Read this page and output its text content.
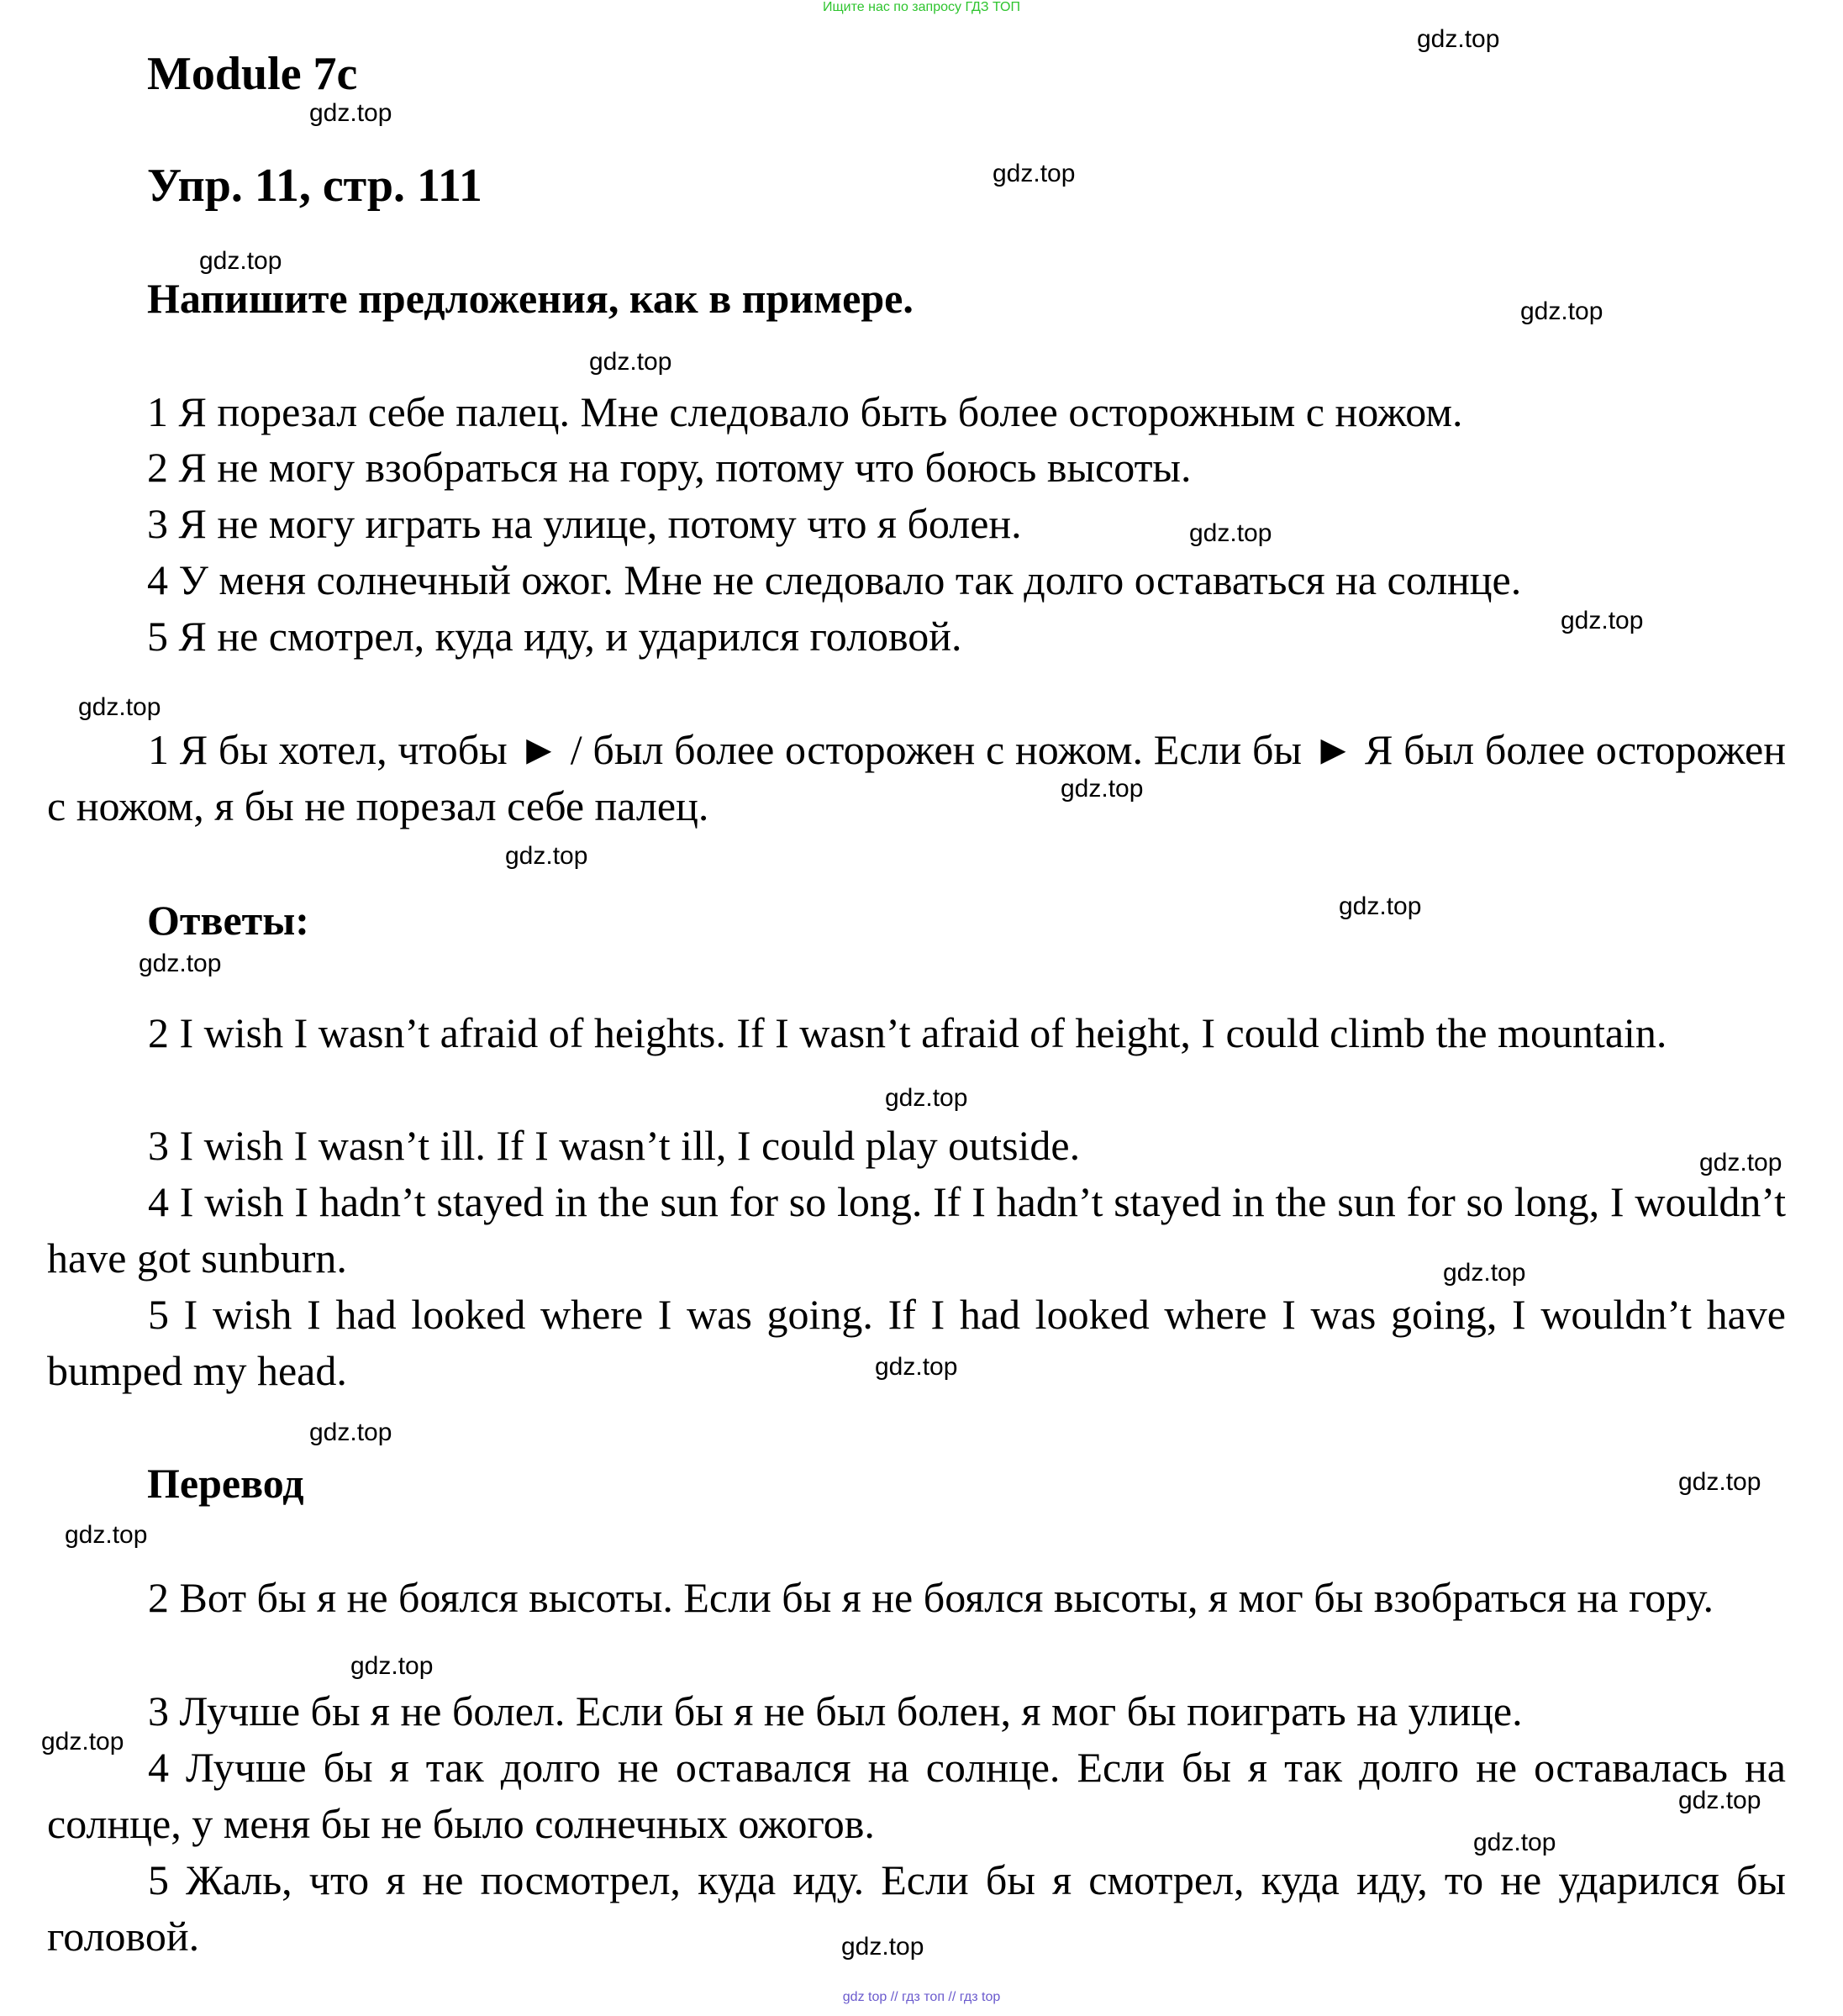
Ищите нас по запросу ГДЗ ТОП
Module 7c
Упр. 11, стр. 111
Напишите предложения, как в примере.
1 Я порезал себе палец. Мне следовало быть более осторожным с ножом.
2 Я не могу взобраться на гору, потому что боюсь высоты.
3 Я не могу играть на улице, потому что я болен.
4 У меня солнечный ожог. Мне не следовало так долго оставаться на солнце.
5 Я не смотрел, куда иду, и ударился головой.
1 Я бы хотел, чтобы ► / был более осторожен с ножом. Если бы ► Я был более осторожен с ножом, я бы не порезал себе палец.
Ответы:
2 I wish I wasn’t afraid of heights. If I wasn’t afraid of height, I could climb the mountain.
3 I wish I wasn’t ill. If I wasn’t ill, I could play outside.
4 I wish I hadn’t stayed in the sun for so long. If I hadn’t stayed in the sun for so long, I wouldn’t have got sunburn.
5 I wish I had looked where I was going. If I had looked where I was going, I wouldn’t have bumped my head.
Перевод
2 Вот бы я не боялся высоты. Если бы я не боялся высоты, я мог бы взобраться на гору.
3 Лучше бы я не болел. Если бы я не был болен, я мог бы поиграть на улице.
4 Лучше бы я так долго не оставался на солнце. Если бы я так долго не оставалась на солнце, у меня бы не было солнечных ожогов.
5 Жаль, что я не посмотрел, куда иду. Если бы я смотрел, куда иду, то не ударился бы головой.
gdz.top
gdz.top
gdz.top
gdz.top
gdz.top
gdz.top
gdz.top
gdz.top
gdz.top
gdz.top
gdz.top
gdz.top
gdz.top
gdz.top
gdz.top
gdz.top
gdz.top
gdz.top
gdz.top
gdz.top
gdz.top
gdz.top
gdz.top
gdz.top
gdz.top
gdz top // гдз топ // гдз top
